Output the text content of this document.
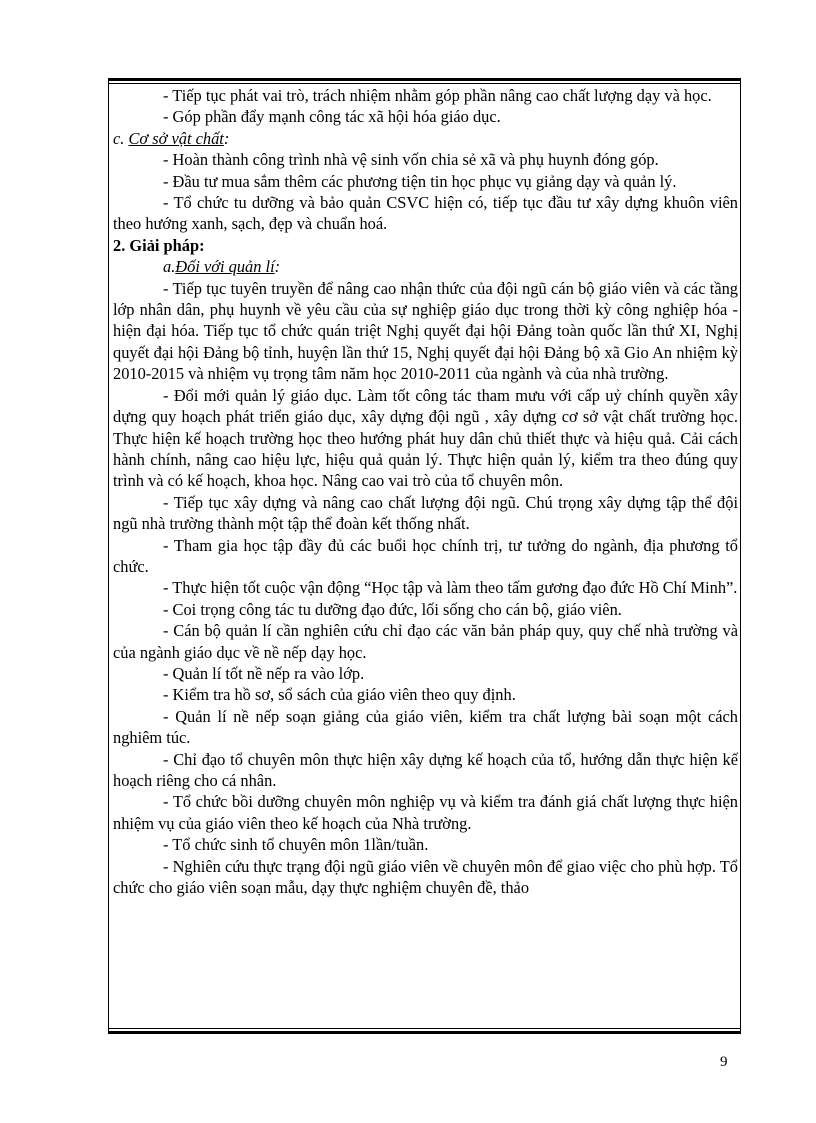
- Tiếp tục phát vai trò, trách nhiệm nhằm góp phần nâng cao chất lượng dạy và học.

- Góp phần đẩy mạnh công tác xã hội hóa giáo dục.

c. Cơ sở vật chất:

- Hoàn thành công trình nhà vệ sinh vốn chia sẻ xã và phụ huynh đóng góp.

- Đầu tư mua sắm thêm các phương tiện tin học phục vụ giảng dạy và quản lý.

- Tổ chức tu dưỡng và bảo quản CSVC hiện có, tiếp tục đầu tư xây dựng khuôn viên theo hướng xanh, sạch, đẹp và chuẩn hoá.

2. Giải pháp:

a.Đối với quản lí:

- Tiếp tục tuyên truyền để nâng cao nhận thức của đội ngũ cán bộ giáo viên và các tầng lớp nhân dân, phụ huynh về yêu cầu của sự nghiệp giáo dục trong thời kỳ công nghiệp hóa - hiện đại hóa. Tiếp tục tổ chức quán triệt Nghị quyết đại hội Đảng toàn quốc lần thứ XI, Nghị quyết đại hội Đảng bộ tỉnh, huyện lần thứ 15, Nghị quyết đại hội Đảng bộ xã Gio An nhiệm kỳ 2010-2015 và nhiệm vụ trọng tâm năm học 2010-2011 của ngành và của nhà trường.

- Đổi mới quản lý giáo dục. Làm tốt công tác tham mưu với cấp uỷ chính quyền xây dựng quy hoạch phát triển giáo dục, xây dựng đội ngũ , xây dựng cơ sở vật chất trường học. Thực hiện kế hoạch trường học theo hướng phát huy dân chủ thiết thực và hiệu quả. Cải cách hành chính, nâng cao hiệu lực, hiệu quả quản lý. Thực hiện quản lý, kiểm tra theo đúng quy trình và có kế hoạch, khoa học. Nâng cao vai trò của tổ chuyên môn.

- Tiếp tục xây dựng và nâng cao chất lượng đội ngũ. Chú trọng xây dựng tập thể đội ngũ nhà trường thành một tập thể đoàn kết thống nhất.

- Tham gia học tập đầy đủ các buổi học chính trị, tư tưởng do ngành, địa phương tổ chức.

- Thực hiện tốt cuộc vận động “Học tập và làm theo tấm gương đạo đức Hồ Chí Minh”.

- Coi trọng công tác tu dưỡng đạo đức, lối sống cho cán bộ, giáo viên.

- Cán bộ quản lí cần nghiên cứu chỉ đạo các văn bản pháp quy, quy chế nhà trường và của ngành giáo dục về nề nếp dạy học.

- Quản lí tốt nề nếp ra vào lớp.

- Kiểm tra hồ sơ, sổ sách của giáo viên theo quy định.

- Quản lí nề nếp soạn giảng của giáo viên, kiểm tra chất lượng bài soạn một cách nghiêm túc.

- Chỉ đạo tổ chuyên môn thực hiện xây dựng kế hoạch của tổ, hướng dẫn thực hiện kế hoạch riêng cho cá nhân.

- Tổ chức bồi dưỡng chuyên môn nghiệp vụ và kiểm tra đánh giá chất lượng thực hiện nhiệm vụ của giáo viên theo kế hoạch của Nhà trường.

- Tổ chức sinh tổ chuyên môn 1lần/tuần.

- Nghiên cứu thực trạng đội ngũ giáo viên về chuyên môn để giao việc cho phù hợp. Tổ chức cho giáo viên soạn mẫu, dạy thực nghiệm chuyên đề, thảo

9
